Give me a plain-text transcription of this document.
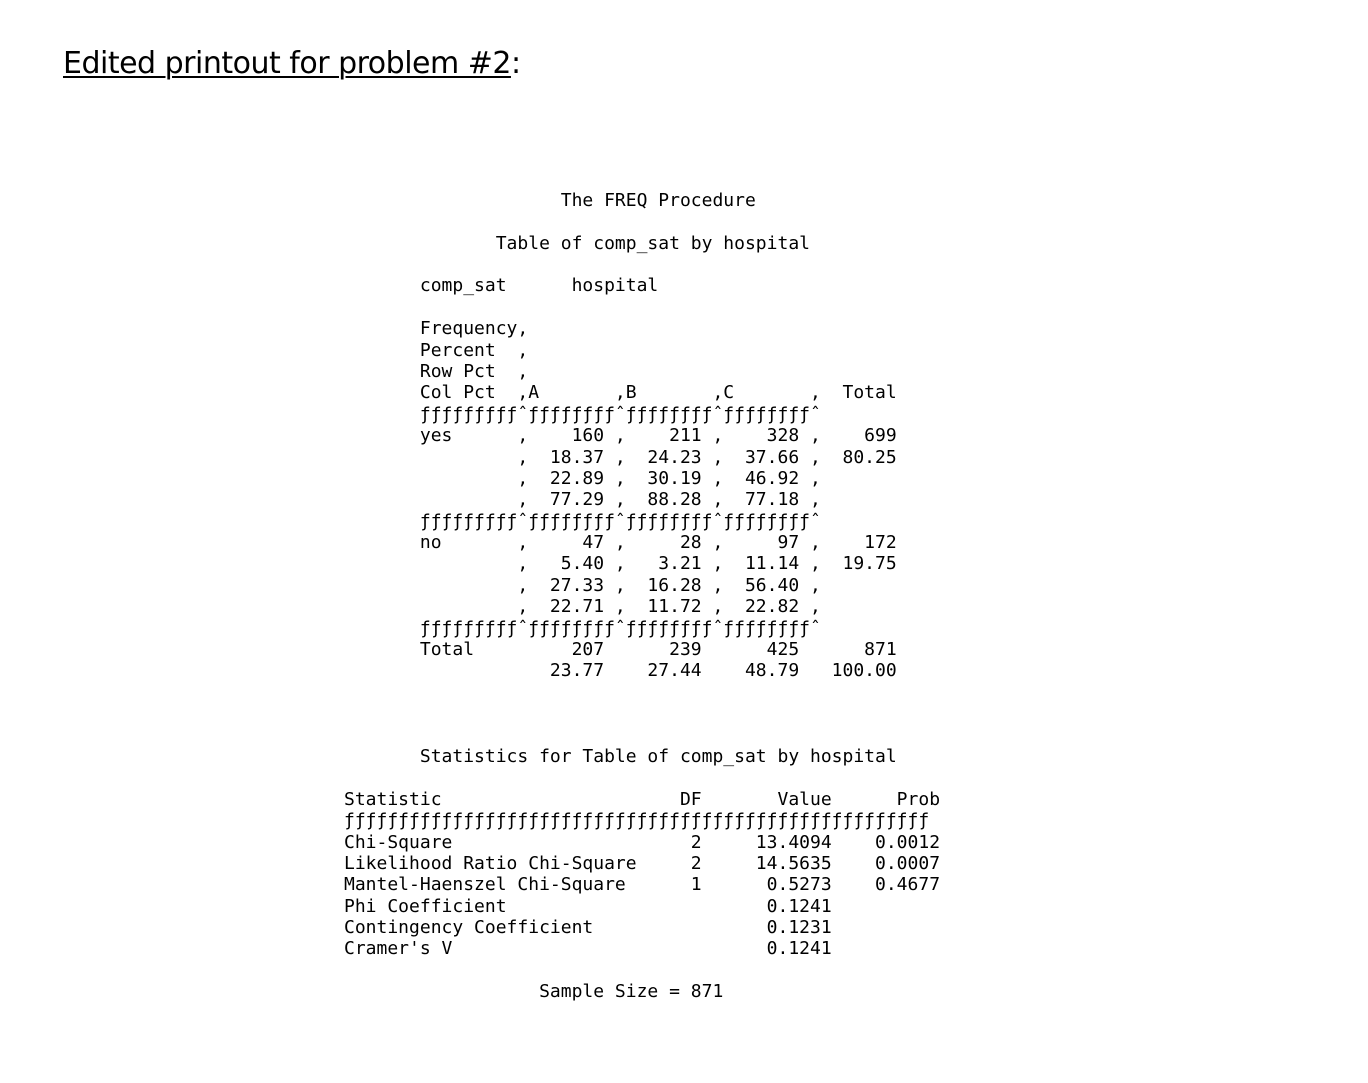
Edited printout for problem #2:

The FREQ Procedure
Table of comp_sat by hospital
comp_sat      hospital
Frequency,
Percent  ,
Row Pct  ,
Col Pct  ,A       ,B       ,C       ,  Total
ƒƒƒƒƒƒƒƒƒˆƒƒƒƒƒƒƒƒˆƒƒƒƒƒƒƒƒˆƒƒƒƒƒƒƒƒˆ
yes      ,    160 ,    211 ,    328 ,    699
,  18.37 ,  24.23 ,  37.66 ,  80.25
,  22.89 ,  30.19 ,  46.92 ,
,  77.29 ,  88.28 ,  77.18 ,
ƒƒƒƒƒƒƒƒƒˆƒƒƒƒƒƒƒƒˆƒƒƒƒƒƒƒƒˆƒƒƒƒƒƒƒƒˆ
no       ,     47 ,     28 ,     97 ,    172
,   5.40 ,   3.21 ,  11.14 ,  19.75
,  27.33 ,  16.28 ,  56.40 ,
,  22.71 ,  11.72 ,  22.82 ,
ƒƒƒƒƒƒƒƒƒˆƒƒƒƒƒƒƒƒˆƒƒƒƒƒƒƒƒˆƒƒƒƒƒƒƒƒˆ
Total         207      239      425      871
23.77    27.44    48.79   100.00
Statistics for Table of comp_sat by hospital
Statistic                      DF       Value      Prob
ƒƒƒƒƒƒƒƒƒƒƒƒƒƒƒƒƒƒƒƒƒƒƒƒƒƒƒƒƒƒƒƒƒƒƒƒƒƒƒƒƒƒƒƒƒƒƒƒƒƒƒƒƒƒ
Chi-Square                      2     13.4094    0.0012
Likelihood Ratio Chi-Square     2     14.5635    0.0007
Mantel-Haenszel Chi-Square      1      0.5273    0.4677
Phi Coefficient                        0.1241
Contingency Coefficient                0.1231
Cramer's V                             0.1241
Sample Size = 871
